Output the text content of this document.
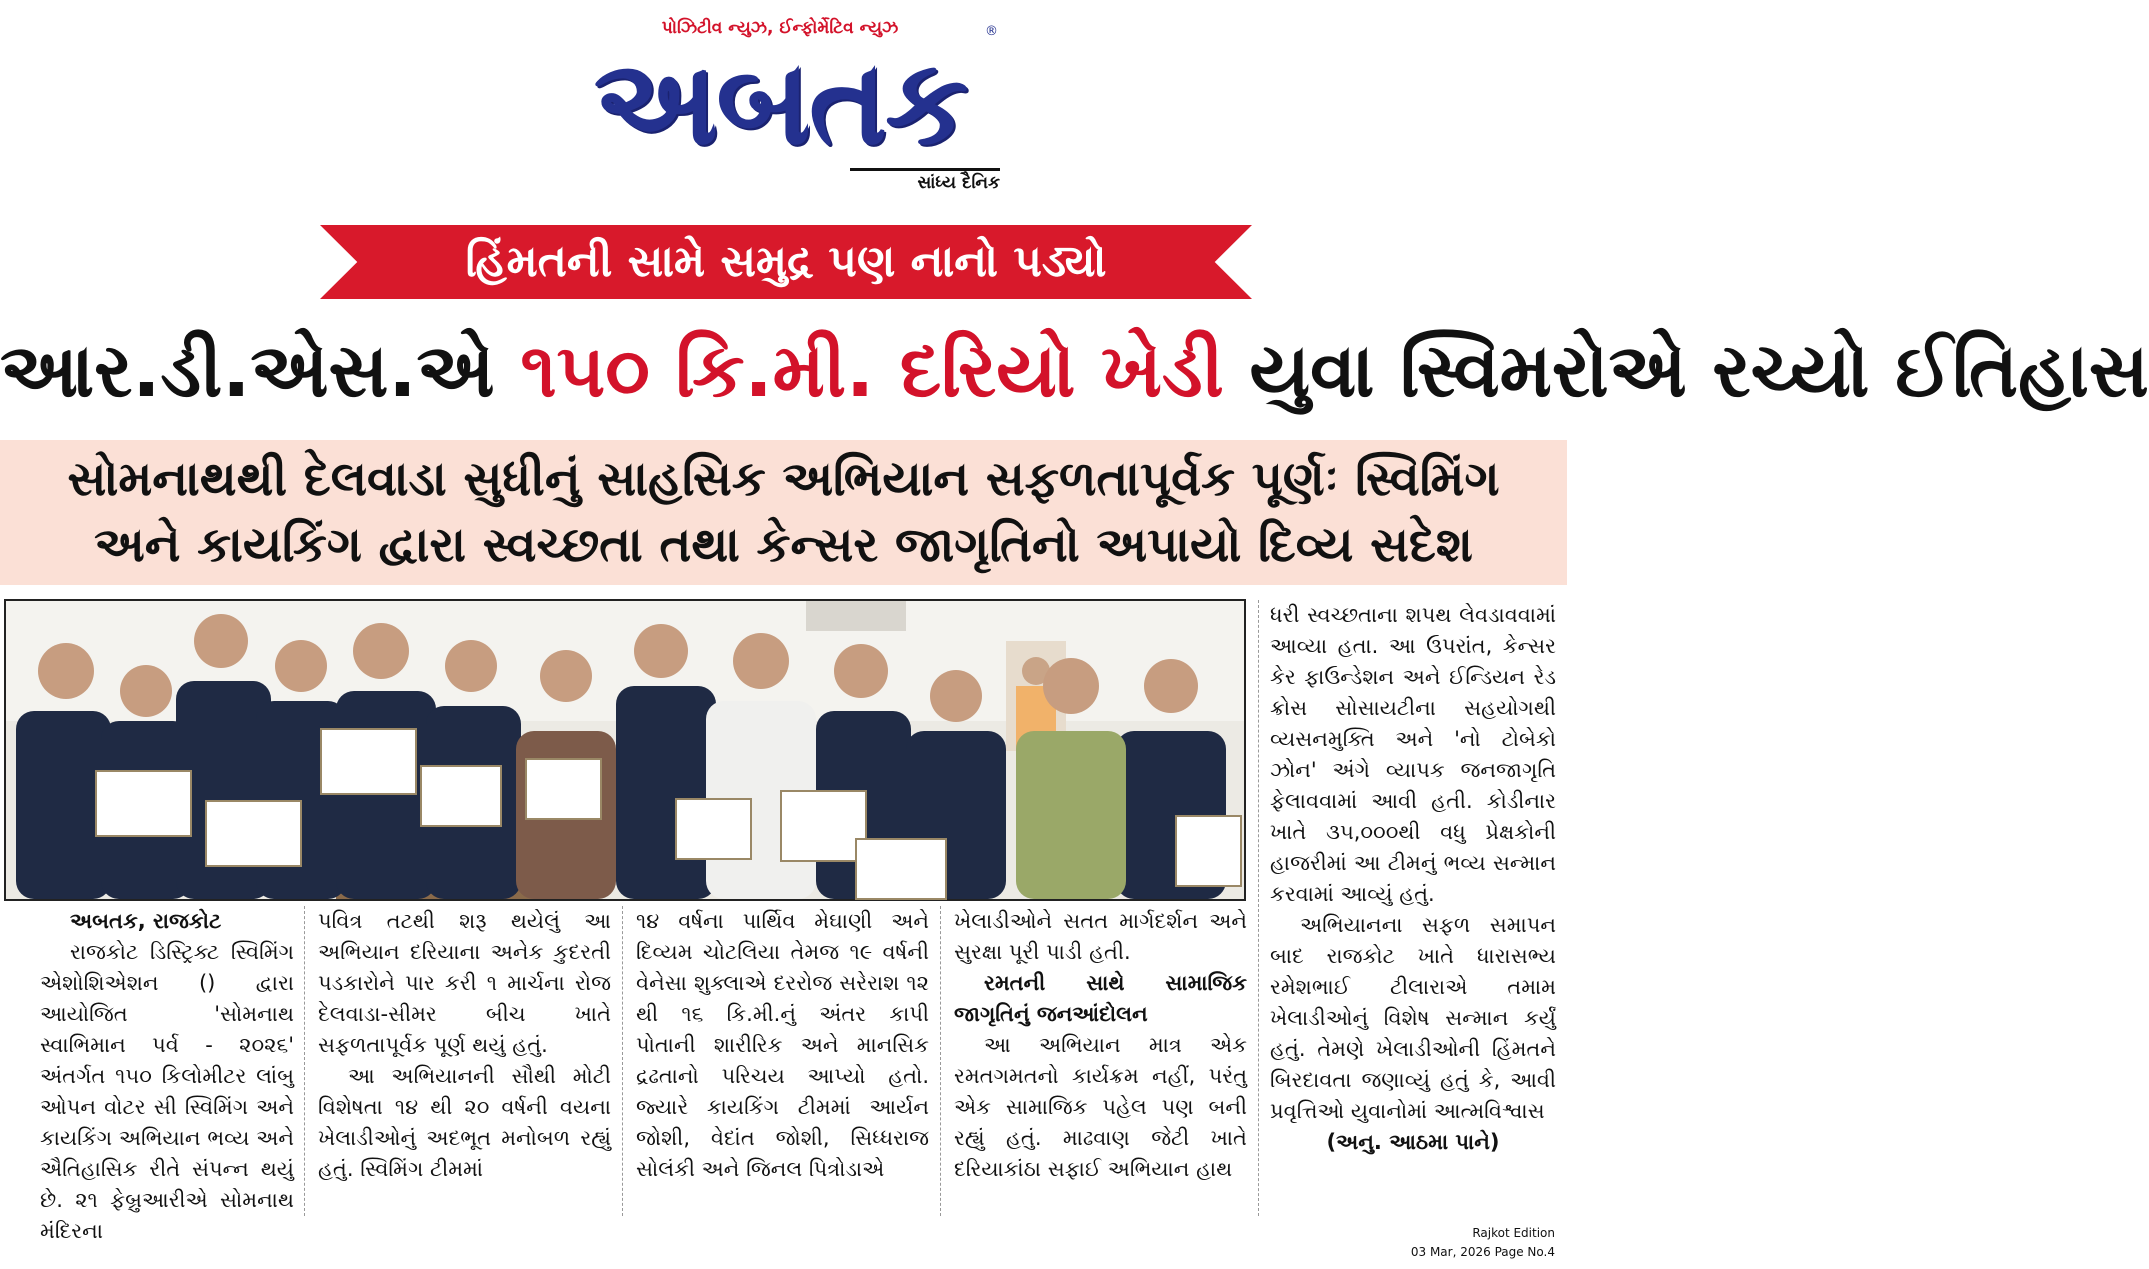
પોઝિટીવ ન્યુઝ, ઈન્ફોર્મેટિવ ન્યુઝ
અબતક
®
સાંધ્ય દૈનિક
હિંમતની સામે સમુદ્ર પણ નાનો પડ્યો
આર.ડી.એસ.એ ૧૫૦ કિ.મી. દરિયો ખેડી યુવા સ્વિમરોએ રચ્યો ઈતિહાસ
સોમનાથથી દેલવાડા સુધીનું સાહસિક અભિયાન સફળતાપૂર્વક પૂર્ણઃ સ્વિમિંગ
અને કાયકિંગ દ્વારા સ્વચ્છતા તથા કેન્સર જાગૃતિનો અપાયો દિવ્ય સદેશ

અબતક, રાજકોટ

રાજકોટ ડિસ્ટ્રિક્ટ સ્વિમિંગ એશોશિએશન () દ્વારા આયોજિત 'સોમનાથ સ્વાભિમાન પર્વ - ૨૦૨૬' અંતર્ગત ૧૫૦ કિલોમીટર લાંબુ ઓપન વોટર સી સ્વિમિંગ અને કાયકિંગ અભિયાન ભવ્ય અને ઐતિહાસિક રીતે સંપન્ન થયું છે. ૨૧ ફેબ્રુઆરીએ સોમનાથ મંદિરના

પવિત્ર તટથી શરૂ થયેલું આ અભિયાન દરિયાના અનેક કુદરતી પડકારોને પાર કરી ૧ માર્ચના રોજ દેલવાડા-સીમર બીચ ખાતે સફળતાપૂર્વક પૂર્ણ થયું હતું.

આ અભિયાનની સૌથી મોટી વિશેષતા ૧૪ થી ૨૦ વર્ષની વયના ખેલાડીઓનું અદભૂત મનોબળ રહ્યું હતું. સ્વિમિંગ ટીમમાં

૧૪ વર્ષના પાર્થિવ મેઘાણી અને દિવ્યમ ચોટલિયા તેમજ ૧૯ વર્ષની વેનેસા શુક્લાએ દરરોજ સરેરાશ ૧૨ થી ૧૬ કિ.મી.નું અંતર કાપી પોતાની શારીરિક અને માનસિક દ્રઢતાનો પરિચય આપ્યો હતો. જ્યારે કાયકિંગ ટીમમાં આર્યન જોશી, વેદાંત જોશી, સિધ્ધરાજ સોલંકી અને જિનલ પિત્રોડાએ

ખેલાડીઓને સતત માર્ગદર્શન અને સુરક્ષા પૂરી પાડી હતી.

રમતની સાથે સામાજિક જાગૃતિનું જનઆંદોલન

આ અભિયાન માત્ર એક રમતગમતનો કાર્યક્રમ નહીં, પરંતુ એક સામાજિક પહેલ પણ બની રહ્યું હતું. માઢવાણ જેટી ખાતે દરિયાકાંઠા સફાઈ અભિયાન હાથ

ધરી સ્વચ્છતાના શપથ લેવડાવવામાં આવ્યા હતા. આ ઉપરાંત, કેન્સર કેર ફાઉન્ડેશન અને ઈન્ડિયન રેડ ક્રોસ સોસાયટીના સહયોગથી વ્યસનમુક્તિ અને 'નો ટોબેકો ઝોન' અંગે વ્યાપક જનજાગૃતિ ફેલાવવામાં આવી હતી. કોડીનાર ખાતે ૩૫,૦૦૦થી વધુ પ્રેક્ષકોની હાજરીમાં આ ટીમનું ભવ્ય સન્માન કરવામાં આવ્યું હતું.

અભિયાનના સફળ સમાપન બાદ રાજકોટ ખાતે ધારાસભ્ય રમેશભાઈ ટીલારાએ તમામ ખેલાડીઓનું વિશેષ સન્માન કર્યું હતું. તેમણે ખેલાડીઓની હિંમતને બિરદાવતા જણાવ્યું હતું કે, આવી પ્રવૃત્તિઓ યુવાનોમાં આત્મવિશ્વાસ

(અનુ. આઠમા પાને)

Rajkot Edition
03 Mar, 2026 Page No.4
